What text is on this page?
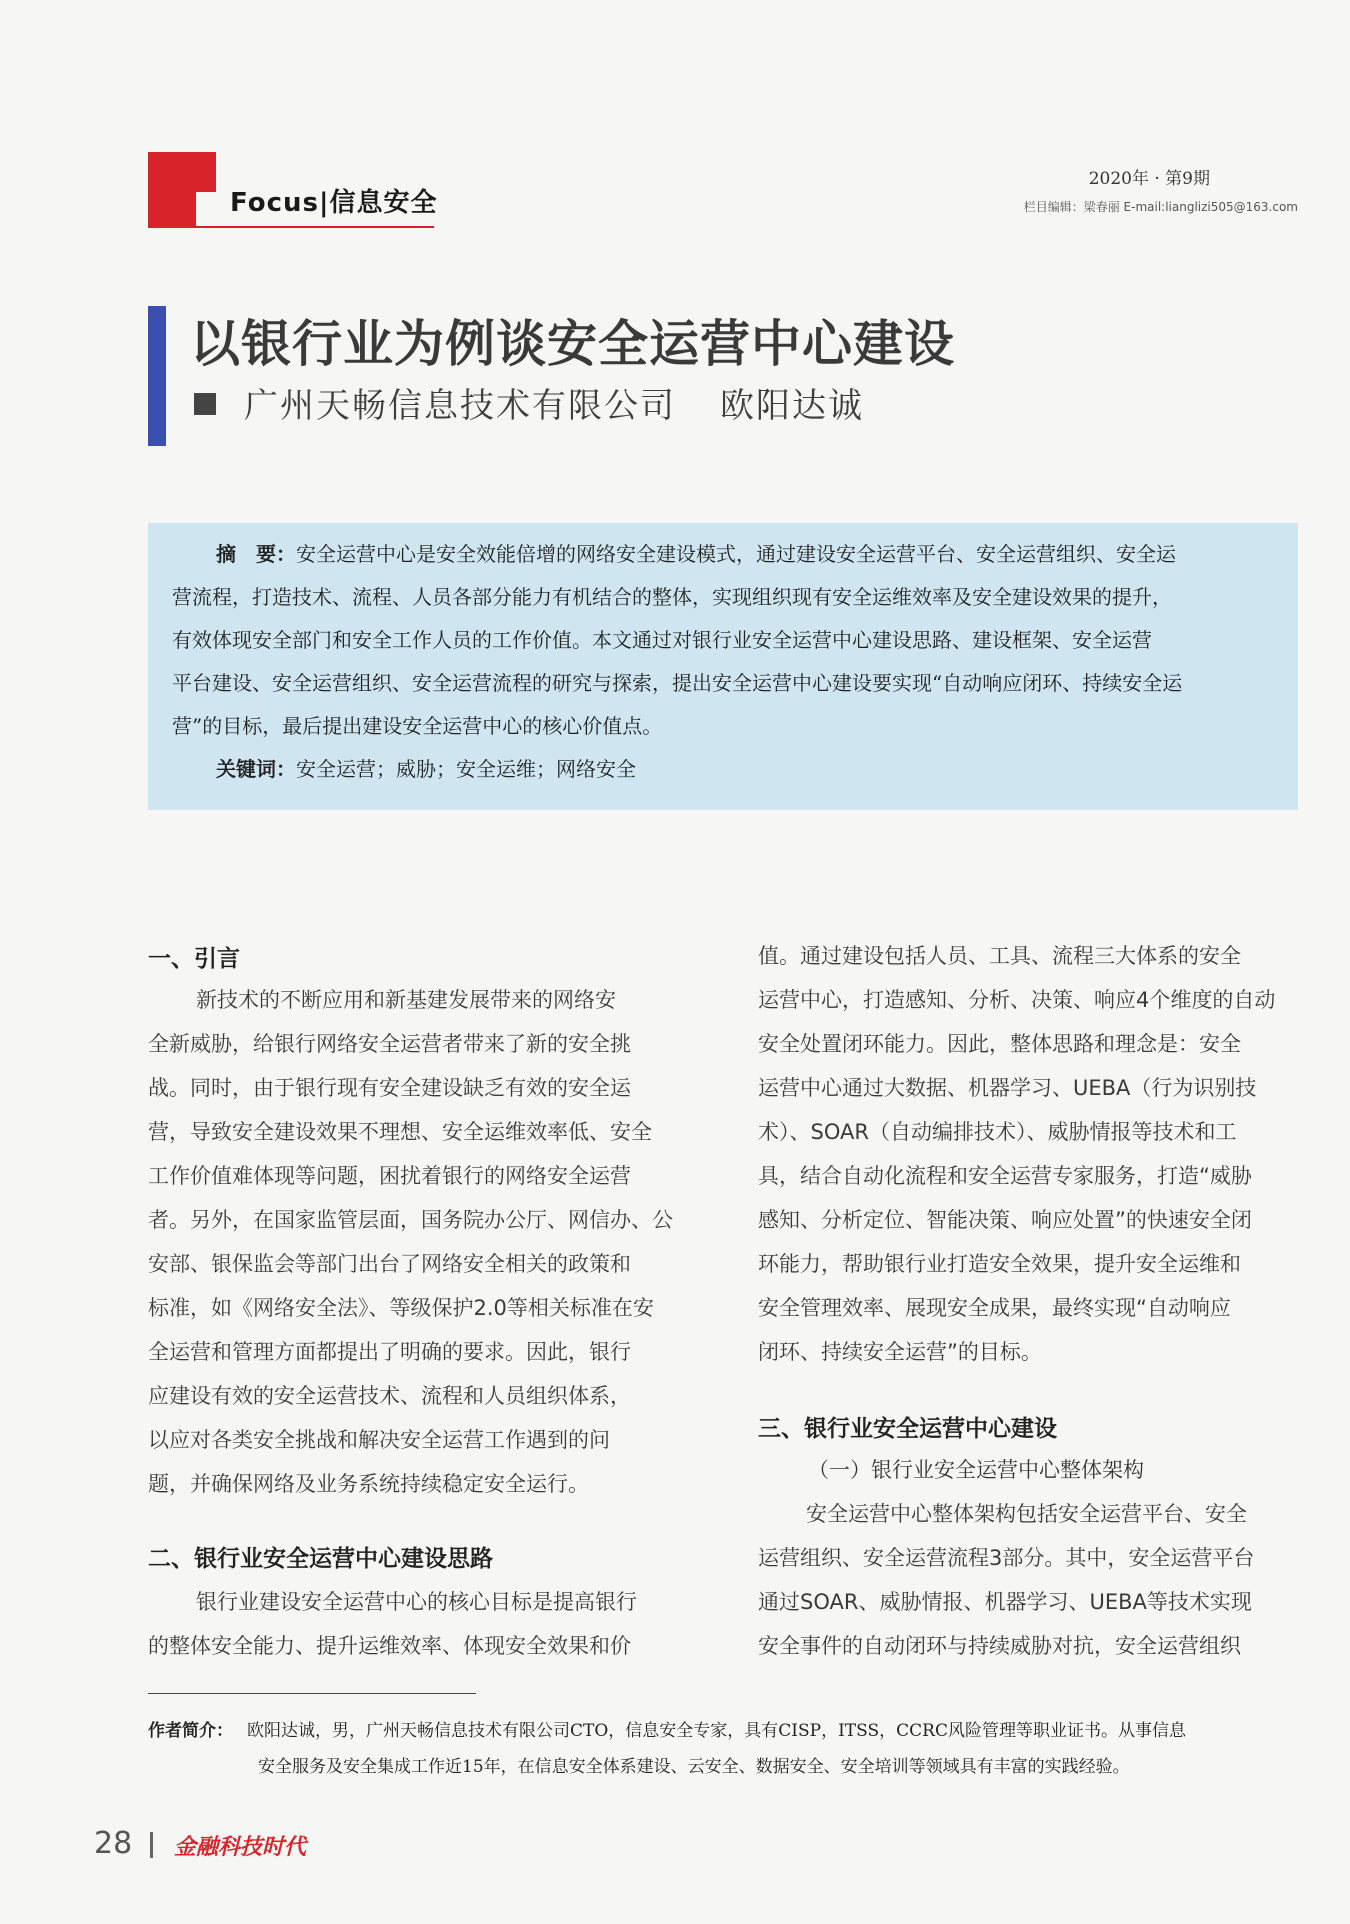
Focus|信息安全
2020年 · 第9期
栏目编辑：梁春丽 E-mail:lianglizi505@163.com
以银行业为例谈安全运营中心建设
广州天畅信息技术有限公司 欧阳达诚
摘　要：安全运营中心是安全效能倍增的网络安全建设模式，通过建设安全运营平台、安全运营组织、安全运
营流程，打造技术、流程、人员各部分能力有机结合的整体，实现组织现有安全运维效率及安全建设效果的提升，
有效体现安全部门和安全工作人员的工作价值。本文通过对银行业安全运营中心建设思路、建设框架、安全运营
平台建设、安全运营组织、安全运营流程的研究与探索，提出安全运营中心建设要实现“自动响应闭环、持续安全运
营”的目标，最后提出建设安全运营中心的核心价值点。
关键词：安全运营；威胁；安全运维；网络安全
一、引言
新技术的不断应用和新基建发展带来的网络安
全新威胁，给银行网络安全运营者带来了新的安全挑
战。同时，由于银行现有安全建设缺乏有效的安全运
营，导致安全建设效果不理想、安全运维效率低、安全
工作价值难体现等问题，困扰着银行的网络安全运营
者。另外，在国家监管层面，国务院办公厅、网信办、公
安部、银保监会等部门出台了网络安全相关的政策和
标准，如《网络安全法》、等级保护2.0等相关标准在安
全运营和管理方面都提出了明确的要求。因此，银行
应建设有效的安全运营技术、流程和人员组织体系，
以应对各类安全挑战和解决安全运营工作遇到的问
题，并确保网络及业务系统持续稳定安全运行。
二、银行业安全运营中心建设思路
银行业建设安全运营中心的核心目标是提高银行
的整体安全能力、提升运维效率、体现安全效果和价
值。通过建设包括人员、工具、流程三大体系的安全
运营中心，打造感知、分析、决策、响应4个维度的自动
安全处置闭环能力。因此，整体思路和理念是：安全
运营中心通过大数据、机器学习、UEBA（行为识别技
术）、SOAR（自动编排技术）、威胁情报等技术和工
具，结合自动化流程和安全运营专家服务，打造“威胁
感知、分析定位、智能决策、响应处置”的快速安全闭
环能力，帮助银行业打造安全效果，提升安全运维和
安全管理效率、展现安全成果，最终实现“自动响应
闭环、持续安全运营”的目标。
三、银行业安全运营中心建设
（一）银行业安全运营中心整体架构
安全运营中心整体架构包括安全运营平台、安全
运营组织、安全运营流程3部分。其中，安全运营平台
通过SOAR、威胁情报、机器学习、UEBA等技术实现
安全事件的自动闭环与持续威胁对抗，安全运营组织
作者简介： 欧阳达诚，男，广州天畅信息技术有限公司CTO，信息安全专家，具有CISP，ITSS，CCRC风险管理等职业证书。从事信息
安全服务及安全集成工作近15年，在信息安全体系建设、云安全、数据安全、安全培训等领域具有丰富的实践经验。
28 金融科技时代
